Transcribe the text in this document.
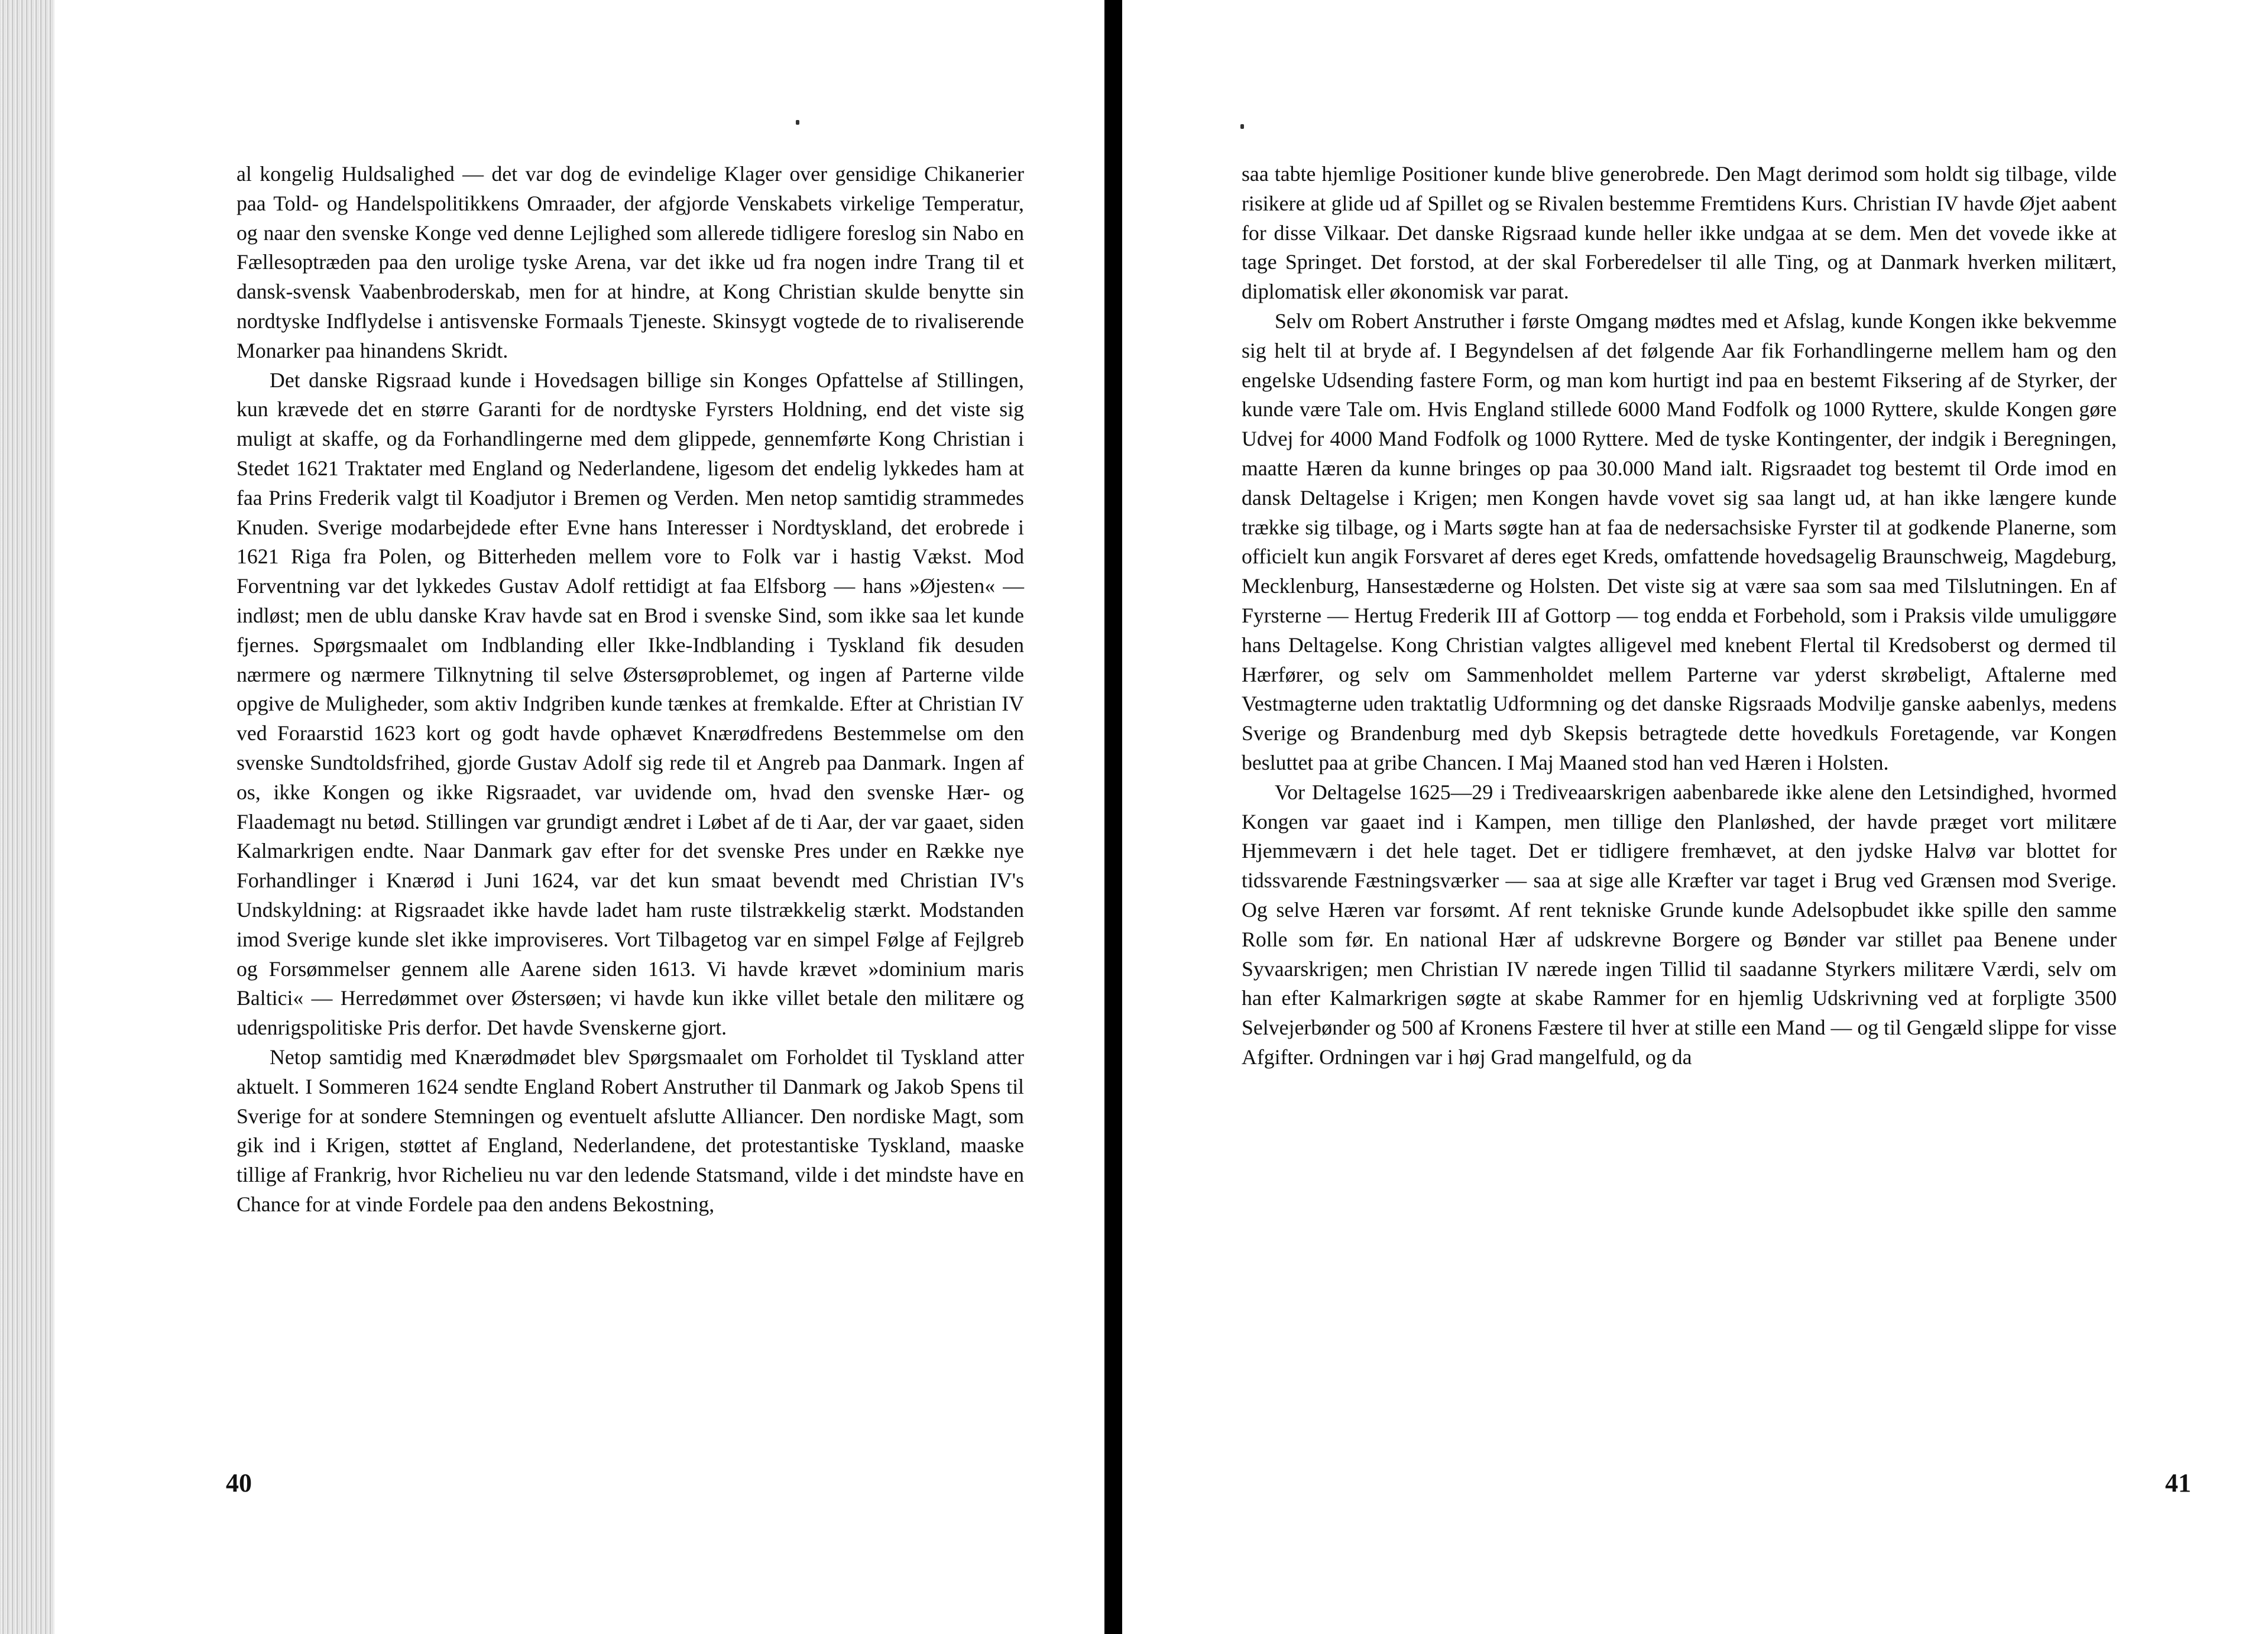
al kongelig Huldsalighed — det var dog de evindelige Klager over gensidige Chikanerier paa Told- og Handelspolitikkens Omraader, der afgjorde Venskabets virkelige Temperatur, og naar den svenske Konge ved denne Lejlighed som allerede tidligere foreslog sin Nabo en Fællesoptræden paa den urolige tyske Arena, var det ikke ud fra nogen indre Trang til et dansk-svensk Vaabenbroderskab, men for at hindre, at Kong Christian skulde benytte sin nordtyske Indflydelse i antisvenske Formaals Tjeneste. Skinsygt vogtede de to rivaliserende Monarker paa hinandens Skridt.

Det danske Rigsraad kunde i Hovedsagen billige sin Konges Opfattelse af Stillingen, kun krævede det en større Garanti for de nordtyske Fyrsters Holdning, end det viste sig muligt at skaffe, og da Forhandlingerne med dem glippede, gennemførte Kong Christian i Stedet 1621 Traktater med England og Nederlandene, ligesom det endelig lykkedes ham at faa Prins Frederik valgt til Koadjutor i Bremen og Verden. Men netop samtidig strammedes Knuden. Sverige modarbejdede efter Evne hans Interesser i Nordtyskland, det erobrede i 1621 Riga fra Polen, og Bitterheden mellem vore to Folk var i hastig Vækst. Mod Forventning var det lykkedes Gustav Adolf rettidigt at faa Elfsborg — hans »Øjesten« — indløst; men de ublu danske Krav havde sat en Brod i svenske Sind, som ikke saa let kunde fjernes. Spørgsmaalet om Indblanding eller Ikke-Indblanding i Tyskland fik desuden nærmere og nærmere Tilknytning til selve Østersøproblemet, og ingen af Parterne vilde opgive de Muligheder, som aktiv Indgriben kunde tænkes at fremkalde. Efter at Christian IV ved Foraarstid 1623 kort og godt havde ophævet Knærødfredens Bestemmelse om den svenske Sundtoldsfrihed, gjorde Gustav Adolf sig rede til et Angreb paa Danmark. Ingen af os, ikke Kongen og ikke Rigsraadet, var uvidende om, hvad den svenske Hær- og Flaademagt nu betød. Stillingen var grundigt ændret i Løbet af de ti Aar, der var gaaet, siden Kalmarkrigen endte. Naar Danmark gav efter for det svenske Pres under en Række nye Forhandlinger i Knærød i Juni 1624, var det kun smaat bevendt med Christian IV's Undskyldning: at Rigsraadet ikke havde ladet ham ruste tilstrækkelig stærkt. Modstanden imod Sverige kunde slet ikke improviseres. Vort Tilbagetog var en simpel Følge af Fejlgreb og Forsømmelser gennem alle Aarene siden 1613. Vi havde krævet »dominium maris Baltici« — Herredømmet over Østersøen; vi havde kun ikke villet betale den militære og udenrigspolitiske Pris derfor. Det havde Svenskerne gjort.

Netop samtidig med Knærødmødet blev Spørgsmaalet om Forholdet til Tyskland atter aktuelt. I Sommeren 1624 sendte England Robert Anstruther til Danmark og Jakob Spens til Sverige for at sondere Stemningen og eventuelt afslutte Alliancer. Den nordiske Magt, som gik ind i Krigen, støttet af England, Nederlandene, det protestantiske Tyskland, maaske tillige af Frankrig, hvor Richelieu nu var den ledende Statsmand, vilde i det mindste have en Chance for at vinde Fordele paa den andens Bekostning,

40

saa tabte hjemlige Positioner kunde blive generobrede. Den Magt derimod som holdt sig tilbage, vilde risikere at glide ud af Spillet og se Rivalen bestemme Fremtidens Kurs. Christian IV havde Øjet aabent for disse Vilkaar. Det danske Rigsraad kunde heller ikke undgaa at se dem. Men det vovede ikke at tage Springet. Det forstod, at der skal Forberedelser til alle Ting, og at Danmark hverken militært, diplomatisk eller økonomisk var parat.

Selv om Robert Anstruther i første Omgang mødtes med et Afslag, kunde Kongen ikke bekvemme sig helt til at bryde af. I Begyndelsen af det følgende Aar fik Forhandlingerne mellem ham og den engelske Udsending fastere Form, og man kom hurtigt ind paa en bestemt Fiksering af de Styrker, der kunde være Tale om. Hvis England stillede 6000 Mand Fodfolk og 1000 Ryttere, skulde Kongen gøre Udvej for 4000 Mand Fodfolk og 1000 Ryttere. Med de tyske Kontingenter, der indgik i Beregningen, maatte Hæren da kunne bringes op paa 30.000 Mand ialt. Rigsraadet tog bestemt til Orde imod en dansk Deltagelse i Krigen; men Kongen havde vovet sig saa langt ud, at han ikke længere kunde trække sig tilbage, og i Marts søgte han at faa de nedersachsiske Fyrster til at godkende Planerne, som officielt kun angik Forsvaret af deres eget Kreds, omfattende hovedsagelig Braunschweig, Magdeburg, Mecklenburg, Hansestæderne og Holsten. Det viste sig at være saa som saa med Tilslutningen. En af Fyrsterne — Hertug Frederik III af Gottorp — tog endda et Forbehold, som i Praksis vilde umuliggøre hans Deltagelse. Kong Christian valgtes alligevel med knebent Flertal til Kredsoberst og dermed til Hærfører, og selv om Sammenholdet mellem Parterne var yderst skrøbeligt, Aftalerne med Vestmagterne uden traktatlig Udformning og det danske Rigsraads Modvilje ganske aabenlys, medens Sverige og Brandenburg med dyb Skepsis betragtede dette hovedkuls Foretagende, var Kongen besluttet paa at gribe Chancen. I Maj Maaned stod han ved Hæren i Holsten.

Vor Deltagelse 1625—29 i Trediveaarskrigen aabenbarede ikke alene den Letsindighed, hvormed Kongen var gaaet ind i Kampen, men tillige den Planløshed, der havde præget vort militære Hjemmeværn i det hele taget. Det er tidligere fremhævet, at den jydske Halvø var blottet for tidssvarende Fæstningsværker — saa at sige alle Kræfter var taget i Brug ved Grænsen mod Sverige. Og selve Hæren var forsømt. Af rent tekniske Grunde kunde Adelsopbudet ikke spille den samme Rolle som før. En national Hær af udskrevne Borgere og Bønder var stillet paa Benene under Syvaarskrigen; men Christian IV nærede ingen Tillid til saadanne Styrkers militære Værdi, selv om han efter Kalmarkrigen søgte at skabe Rammer for en hjemlig Udskrivning ved at forpligte 3500 Selvejerbønder og 500 af Kronens Fæstere til hver at stille een Mand — og til Gengæld slippe for visse Afgifter. Ordningen var i høj Grad mangelfuld, og da

41
